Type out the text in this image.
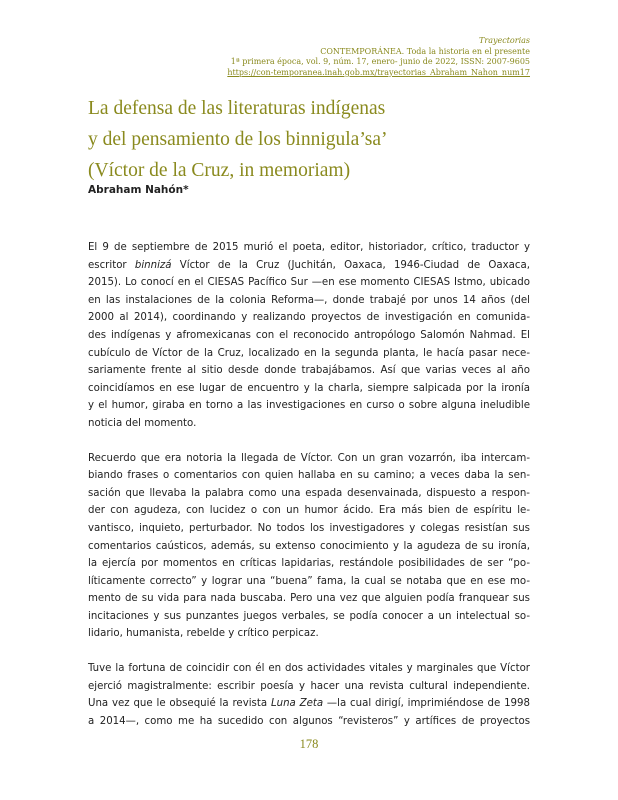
Trayectorias
CONTEMPORÁNEA. Toda la historia en el presente
1ª primera época, vol. 9, núm. 17, enero- junio de 2022, ISSN: 2007-9605
https://con-temporanea.inah.gob.mx/trayectorias_Abraham_Nahon_num17
La defensa de las literaturas indígenas
y del pensamiento de los binnigula’sa’
(Víctor de la Cruz, in memoriam)
Abraham Nahón*
El 9 de septiembre de 2015 murió el poeta, editor, historiador, crítico, traductor y
escritor binnizá Víctor de la Cruz (Juchitán, Oaxaca, 1946-Ciudad de Oaxaca,
2015). Lo conocí en el CIESAS Pacífico Sur —en ese momento CIESAS Istmo, ubicado
en las instalaciones de la colonia Reforma—, donde trabajé por unos 14 años (del
2000 al 2014), coordinando y realizando proyectos de investigación en comunida-
des indígenas y afromexicanas con el reconocido antropólogo Salomón Nahmad. El
cubículo de Víctor de la Cruz, localizado en la segunda planta, le hacía pasar nece-
sariamente frente al sitio desde donde trabajábamos. Así que varias veces al año
coincidíamos en ese lugar de encuentro y la charla, siempre salpicada por la ironía
y el humor, giraba en torno a las investigaciones en curso o sobre alguna ineludible
noticia del momento.
Recuerdo que era notoria la llegada de Víctor. Con un gran vozarrón, iba intercam-
biando frases o comentarios con quien hallaba en su camino; a veces daba la sen-
sación que llevaba la palabra como una espada desenvainada, dispuesto a respon-
der con agudeza, con lucidez o con un humor ácido. Era más bien de espíritu le-
vantisco, inquieto, perturbador. No todos los investigadores y colegas resistían sus
comentarios caústicos, además, su extenso conocimiento y la agudeza de su ironía,
la ejercía por momentos en críticas lapidarias, restándole posibilidades de ser “po-
líticamente correcto” y lograr una “buena” fama, la cual se notaba que en ese mo-
mento de su vida para nada buscaba. Pero una vez que alguien podía franquear sus
incitaciones y sus punzantes juegos verbales, se podía conocer a un intelectual so-
lidario, humanista, rebelde y crítico perpicaz.
Tuve la fortuna de coincidir con él en dos actividades vitales y marginales que Víctor
ejerció magistralmente: escribir poesía y hacer una revista cultural independiente.
Una vez que le obsequié la revista Luna Zeta —la cual dirigí, imprimiéndose de 1998
a 2014—, como me ha sucedido con algunos “revisteros” y artífices de proyectos
178
